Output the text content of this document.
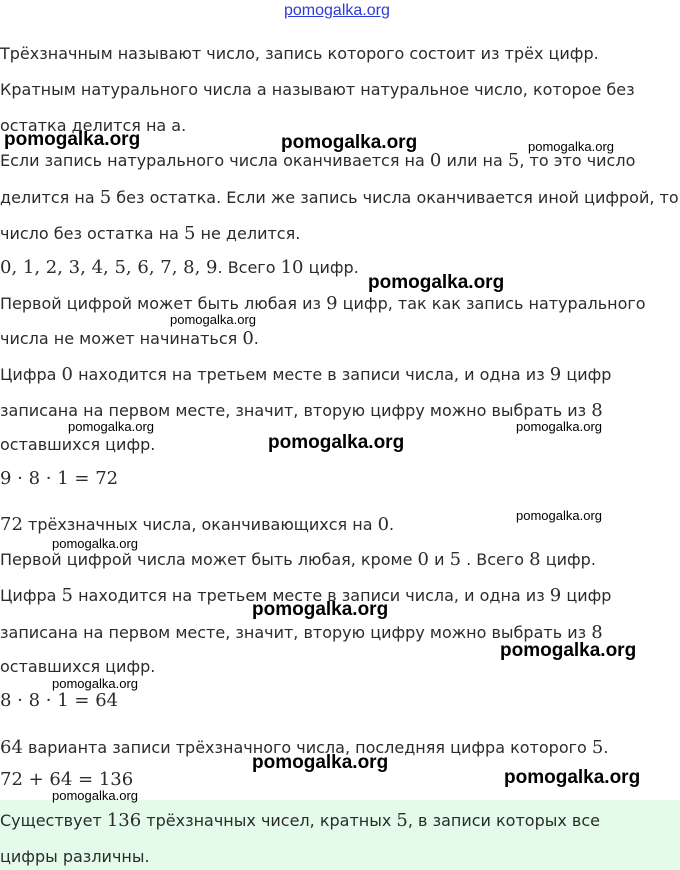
pomogalka.org
Трёхзначным называют число, запись которого состоит из трёх цифр.
Кратным натурального числа а называют натуральное число, которое без
остатка делится на а.
Если запись натурального числа оканчивается на 0 или на 5, то это число
делится на 5 без остатка. Если же запись числа оканчивается иной цифрой, то
число без остатка на 5 не делится.
0, 1, 2, 3, 4, 5, 6, 7, 8, 9. Всего 10 цифр.
Первой цифрой может быть любая из 9 цифр, так как запись натурального
числа не может начинаться 0.
Цифра 0 находится на третьем месте в записи числа, и одна из 9 цифр
записана на первом месте, значит, вторую цифру можно выбрать из 8
оставшихся цифр.
9 · 8 · 1 = 72
72 трёхзначных числа, оканчивающихся на 0.
Первой цифрой числа может быть любая, кроме 0 и 5 . Всего 8 цифр.
Цифра 5 находится на третьем месте в записи числа, и одна из 9 цифр
записана на первом месте, значит, вторую цифру можно выбрать из 8
оставшихся цифр.
8 · 8 · 1 = 64
64 варианта записи трёхзначного числа, последняя цифра которого 5.
72 + 64 = 136
Существует 136 трёхзначных чисел, кратных 5, в записи которых все
цифры различны.
pomogalka.org	pomogalka.org	pomogalka.org
pomogalka.org
pomogalka.org
pomogalka.org	pomogalka.org
pomogalka.org
pomogalka.org
pomogalka.org
pomogalka.org
pomogalka.org
pomogalka.org
pomogalka.org
pomogalka.org
pomogalka.org
